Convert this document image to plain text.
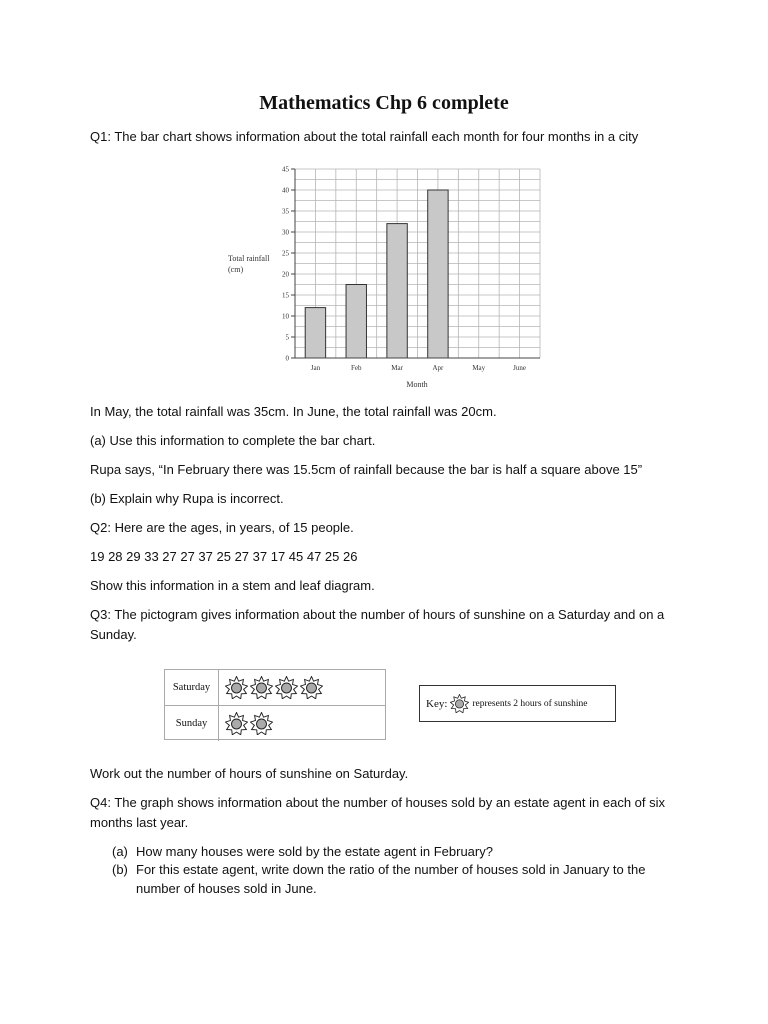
Mathematics Chp 6 complete
Q1: The bar chart shows information about the total rainfall each month for four months in a city
0
5
10
15
20
25
30
35
40
45
Jan	Feb	Mar	Apr	May	June
Total rainfall
(cm)
Month
In May, the total rainfall was 35cm. In June, the total rainfall was 20cm.
(a) Use this information to complete the bar chart.
Rupa says, “In February there was 15.5cm of rainfall because the bar is half a square above 15”
(b) Explain why Rupa is incorrect.
Q2: Here are the ages, in years, of 15 people.
19 28 29 33 27 27 37 25 27 37 17 45 47 25 26
Show this information in a stem and leaf diagram.
Q3: The pictogram gives information about the number of hours of sunshine on a Saturday and on a Sunday.
Saturday
Sunday
Key:	represents 2 hours of sunshine
Work out the number of hours of sunshine on Saturday.
Q4: The graph shows information about the number of houses sold by an estate agent in each of six months last year.
(a) How many houses were sold by the estate agent in February?
(b) For this estate agent, write down the ratio of the number of houses sold in January to the
number of houses sold in June.
